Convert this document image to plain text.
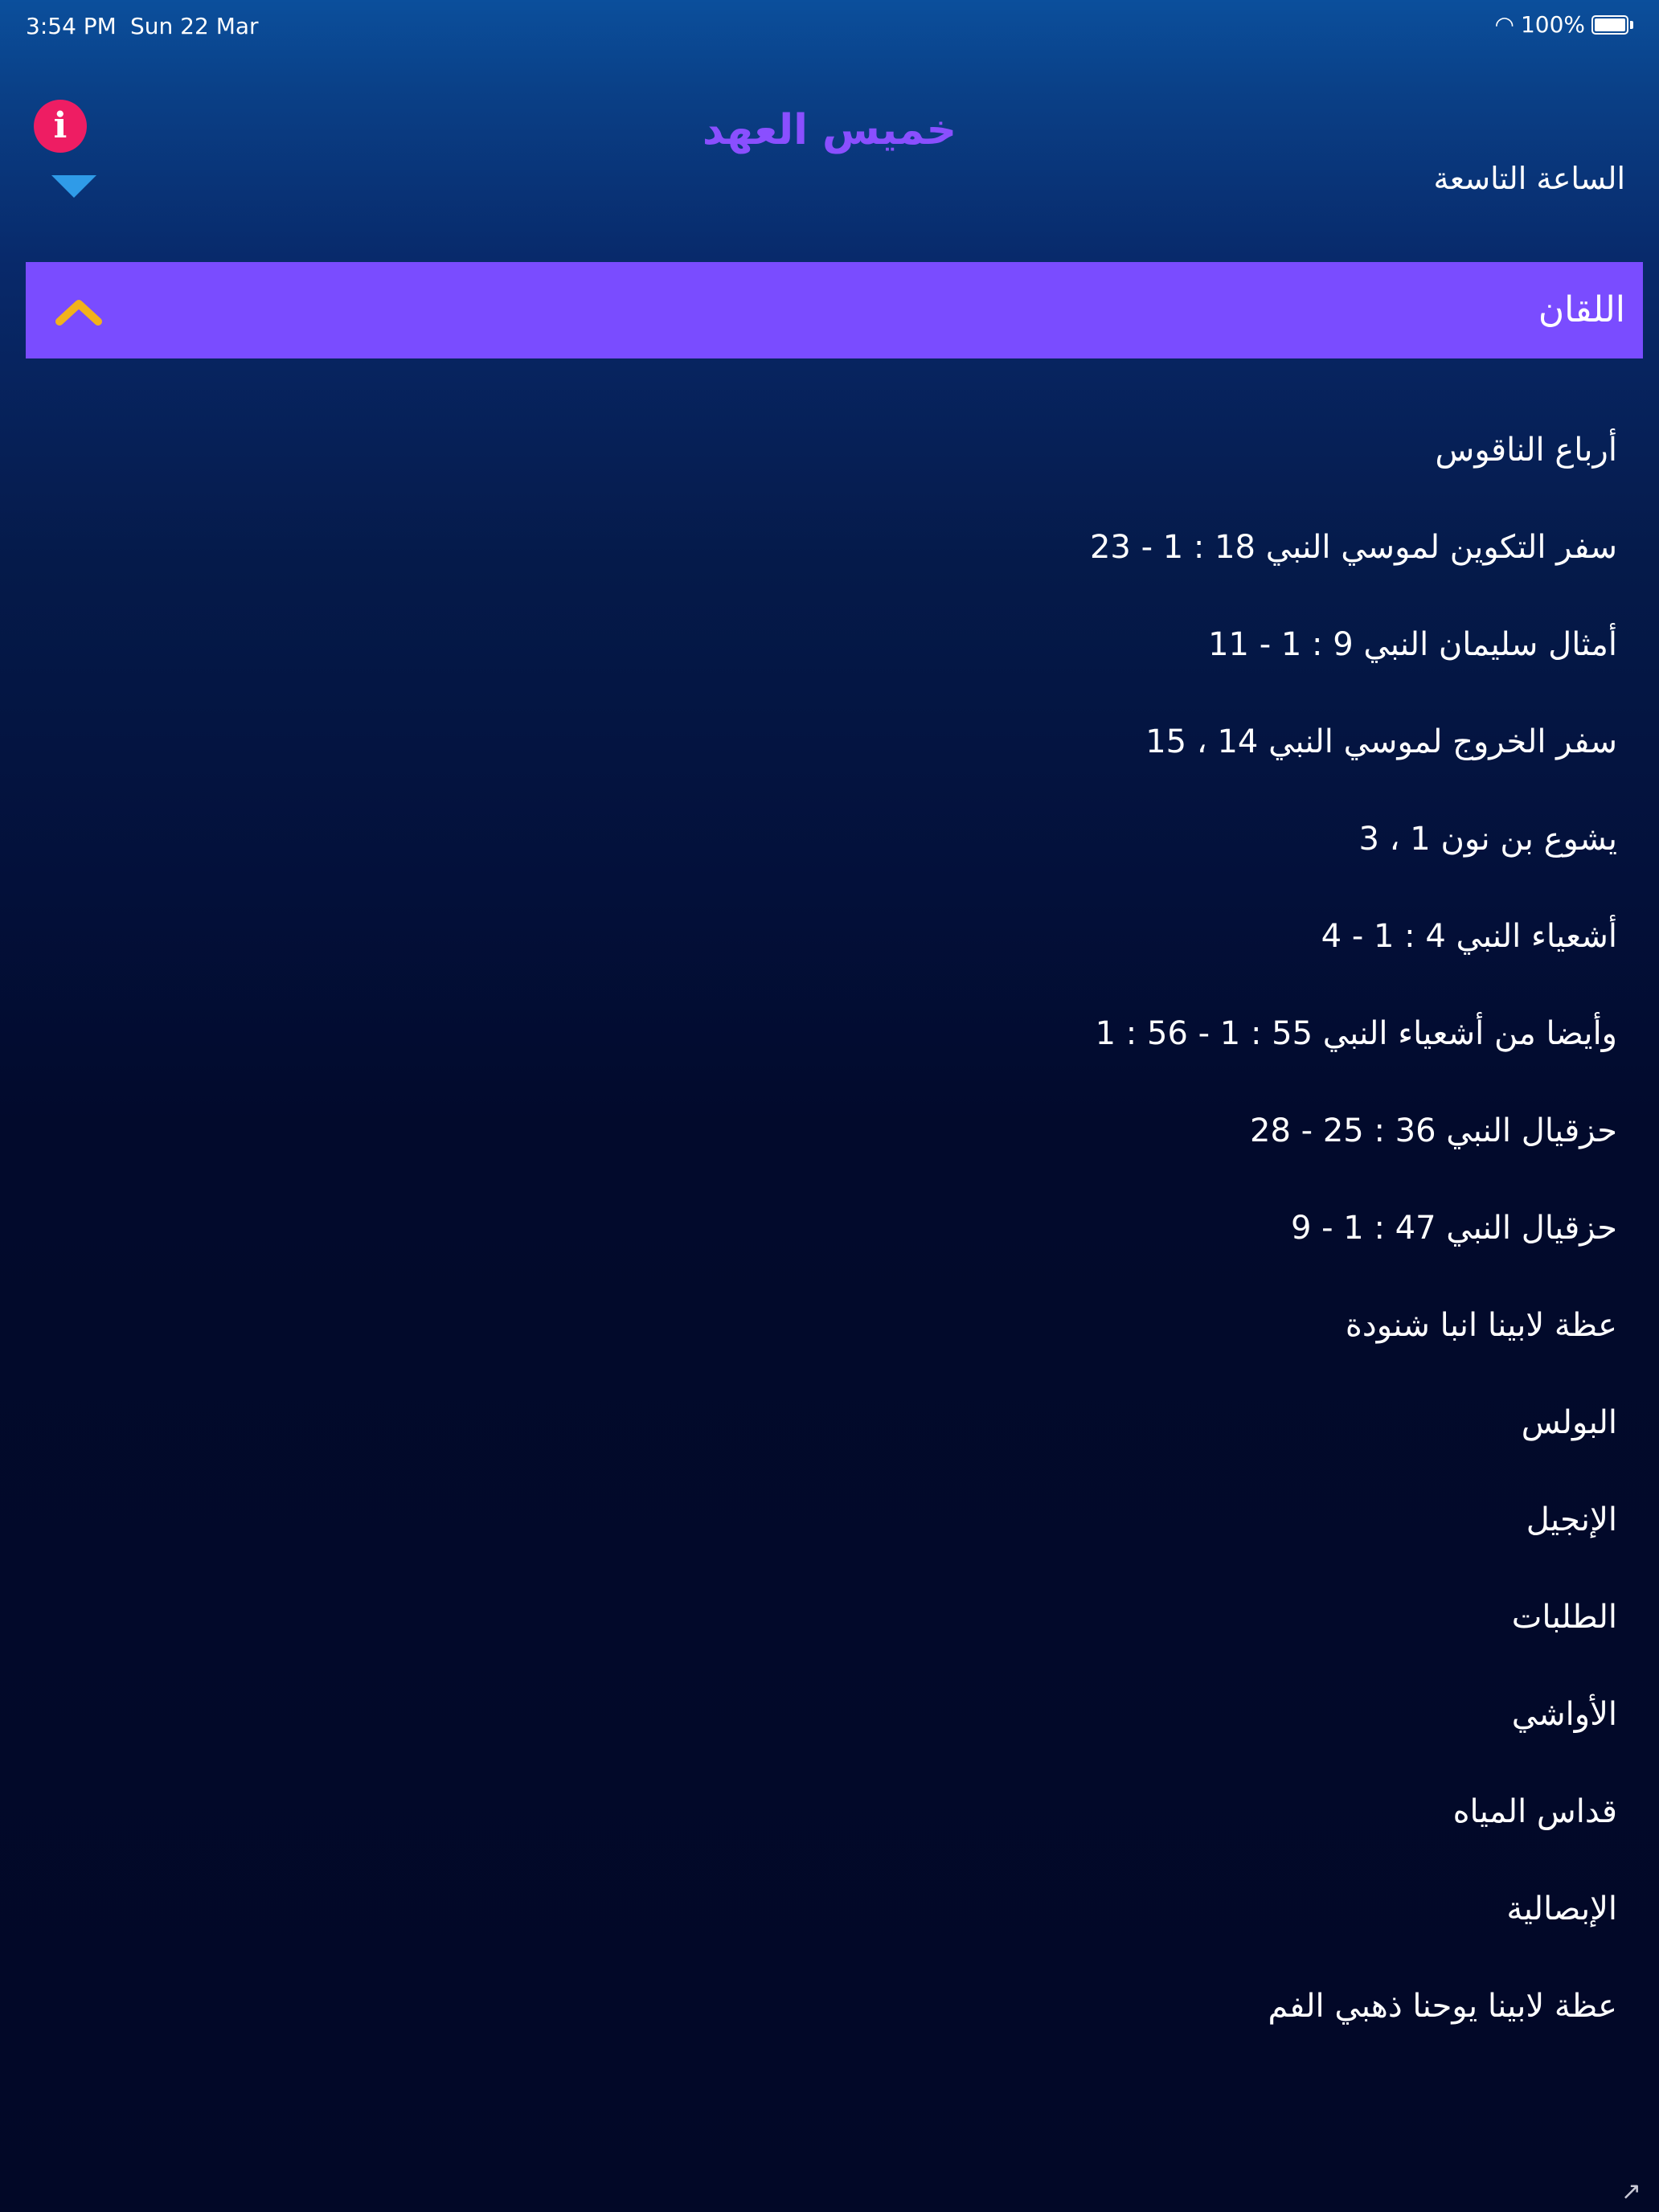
3:54 PM Sun 22 Mar	◠ 100%
خميس العهد
i
الساعة التاسعة
اللقان
أرباع الناقوس
سفر التكوين لموسي النبي 18 : 1 - 23
أمثال سليمان النبي 9 : 1 - 11
سفر الخروج لموسي النبي 14 ، 15
يشوع بن نون 1 ، 3
أشعياء النبي 4 : 1 - 4
وأيضا من أشعياء النبي 55 : 1 - 56 : 1
حزقيال النبي 36 : 25 - 28
حزقيال النبي 47 : 1 - 9
عظة لابينا انبا شنودة
البولس
الإنجيل
الطلبات
الأواشي
قداس المياه
الإبصالية
عظة لابينا يوحنا ذهبي الفم
↗
